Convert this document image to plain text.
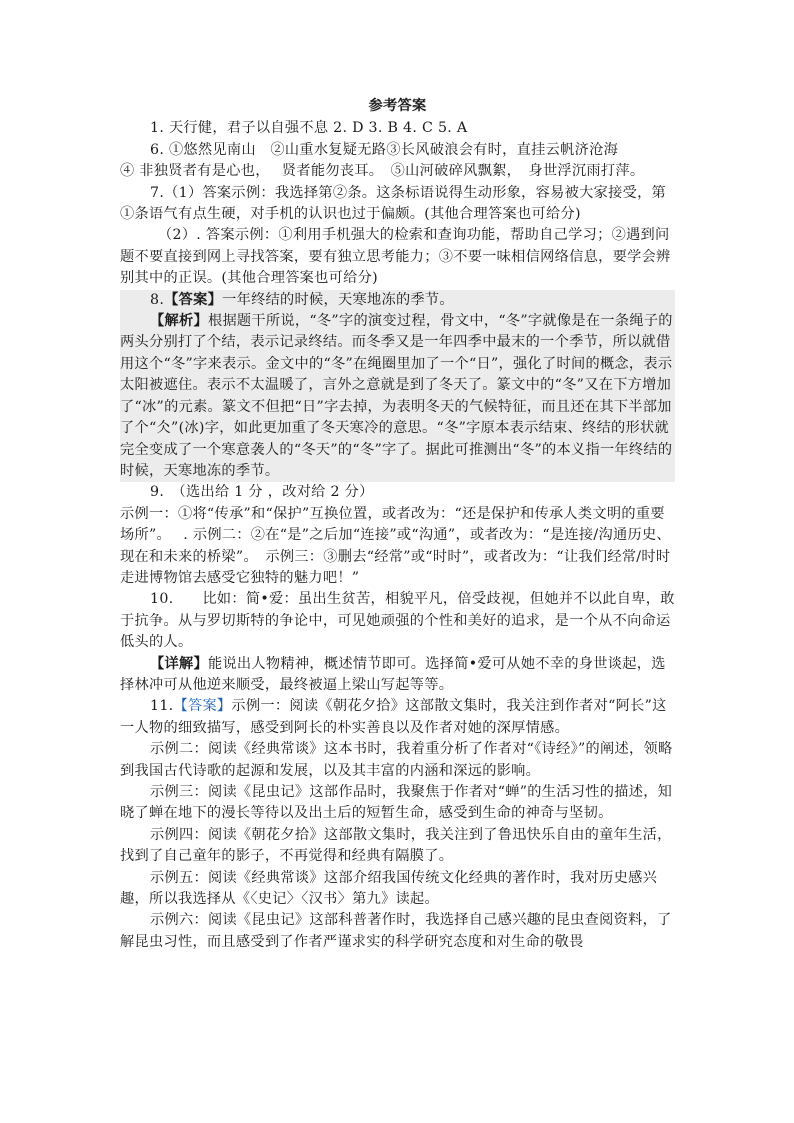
参考答案

1. 天行健，君子以自强不息 2. D 3. B 4. C 5. A

6. ①悠然见南山　②山重水复疑无路③长风破浪会有时，直挂云帆济沧海

④ 非独贤者有是心也，　 贤者能勿丧耳。　⑤山河破碎风飘絮，　身世浮沉雨打萍。

7.（1）答案示例：我选择第②条。这条标语说得生动形象，容易被大家接受，第①条语气有点生硬，对手机的认识也过于偏颇。(其他合理答案也可给分)

（2）. 答案示例：①利用手机强大的检索和查询功能，帮助自己学习；②遇到问题不要直接到网上寻找答案，要有独立思考能力；③不要一味相信网络信息，要学会辨别其中的正误。(其他合理答案也可给分)

8.【答案】一年终结的时候，天寒地冻的季节。

【解析】根据题干所说，“冬”字的演变过程，骨文中，“冬”字就像是在一条绳子的两头分别打了个结，表示记录终结。而冬季又是一年四季中最末的一个季节，所以就借用这个“冬”字来表示。金文中的“冬”在绳圈里加了一个“日”，强化了时间的概念，表示太阳被遮住。表示不太温暖了，言外之意就是到了冬天了。篆文中的“冬”又在下方增加了“冰”的元素。篆文不但把“日”字去掉，为表明冬天的气候特征，而且还在其下半部加了个“仌”(冰)字，如此更加重了冬天寒冷的意思。“冬”字原本表示结束、终结的形状就完全变成了一个寒意袭人的“冬天”的“冬”字了。据此可推测出“冬”的本义指一年终结的时候，天寒地冻的季节。

9.　（选出给 1 分 ，改对给 2 分）

示例一：①将“传承”和“保护”互换位置，或者改为：“还是保护和传承人类文明的重要场所”。　 . 示例二：②在“是”之后加“连接”或“沟通”，或者改为：“是连接/沟通历史、现在和未来的桥梁”。　示例三：③删去“经常”或“时时”，或者改为：“让我们经常/时时走进博物馆去感受它独特的魅力吧！”

10.　　比如：简•爱：虽出生贫苦，相貌平凡，倍受歧视，但她并不以此自卑，敢于抗争。从与罗切斯特的争论中，可见她顽强的个性和美好的追求，是一个从不向命运低头的人。

【详解】能说出人物精神，概述情节即可。选择简•爱可从她不幸的身世谈起，选择林冲可从他逆来顺受，最终被逼上梁山写起等等。

11.【答案】示例一：阅读《朝花夕拾》这部散文集时，我关注到作者对“阿长”这一人物的细致描写，感受到阿长的朴实善良以及作者对她的深厚情感。

示例二：阅读《经典常谈》这本书时，我着重分析了作者对“《诗经》”的阐述，领略到我国古代诗歌的起源和发展，以及其丰富的内涵和深远的影响。

示例三：阅读《昆虫记》这部作品时，我聚焦于作者对“蝉”的生活习性的描述，知晓了蝉在地下的漫长等待以及出土后的短暂生命，感受到生命的神奇与坚韧。

示例四：阅读《朝花夕拾》这部散文集时，我关注到了鲁迅快乐自由的童年生活，找到了自己童年的影子，不再觉得和经典有隔膜了。

示例五：阅读《经典常谈》这部介绍我国传统文化经典的著作时，我对历史感兴趣，所以我选择从《〈史记〉〈汉书〉第九》读起。

示例六：阅读《昆虫记》这部科普著作时，我选择自己感兴趣的昆虫查阅资料，了解昆虫习性，而且感受到了作者严谨求实的科学研究态度和对生命的敬畏
